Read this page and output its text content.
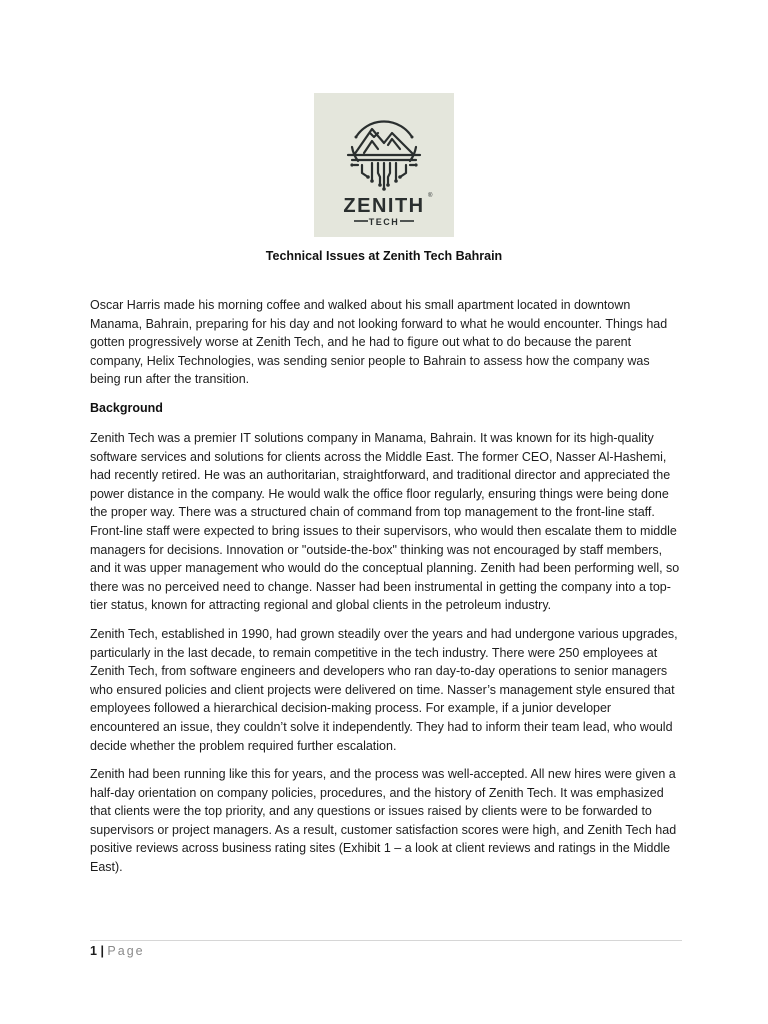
ZENITH ®
TECH
Technical Issues at Zenith Tech Bahrain

Oscar Harris made his morning coffee and walked about his small apartment located in downtown Manama, Bahrain, preparing for his day and not looking forward to what he would encounter. Things had gotten progressively worse at Zenith Tech, and he had to figure out what to do because the parent company, Helix Technologies, was sending senior people to Bahrain to assess how the company was being run after the transition.

Background

Zenith Tech was a premier IT solutions company in Manama, Bahrain. It was known for its high-quality software services and solutions for clients across the Middle East. The former CEO, Nasser Al-Hashemi, had recently retired. He was an authoritarian, straightforward, and traditional director and appreciated the power distance in the company. He would walk the office floor regularly, ensuring things were being done the proper way. There was a structured chain of command from top management to the front-line staff. Front-line staff were expected to bring issues to their supervisors, who would then escalate them to middle managers for decisions. Innovation or "outside-the-box" thinking was not encouraged by staff members, and it was upper management who would do the conceptual planning. Zenith had been performing well, so there was no perceived need to change. Nasser had been instrumental in getting the company into a top-tier status, known for attracting regional and global clients in the petroleum industry.

Zenith Tech, established in 1990, had grown steadily over the years and had undergone various upgrades, particularly in the last decade, to remain competitive in the tech industry. There were 250 employees at Zenith Tech, from software engineers and developers who ran day-to-day operations to senior managers who ensured policies and client projects were delivered on time. Nasser’s management style ensured that employees followed a hierarchical decision-making process. For example, if a junior developer encountered an issue, they couldn’t solve it independently. They had to inform their team lead, who would decide whether the problem required further escalation.

Zenith had been running like this for years, and the process was well-accepted. All new hires were given a half-day orientation on company policies, procedures, and the history of Zenith Tech. It was emphasized that clients were the top priority, and any questions or issues raised by clients were to be forwarded to supervisors or project managers. As a result, customer satisfaction scores were high, and Zenith Tech had positive reviews across business rating sites (Exhibit 1 – a look at client reviews and ratings in the Middle East).

1 | Page
